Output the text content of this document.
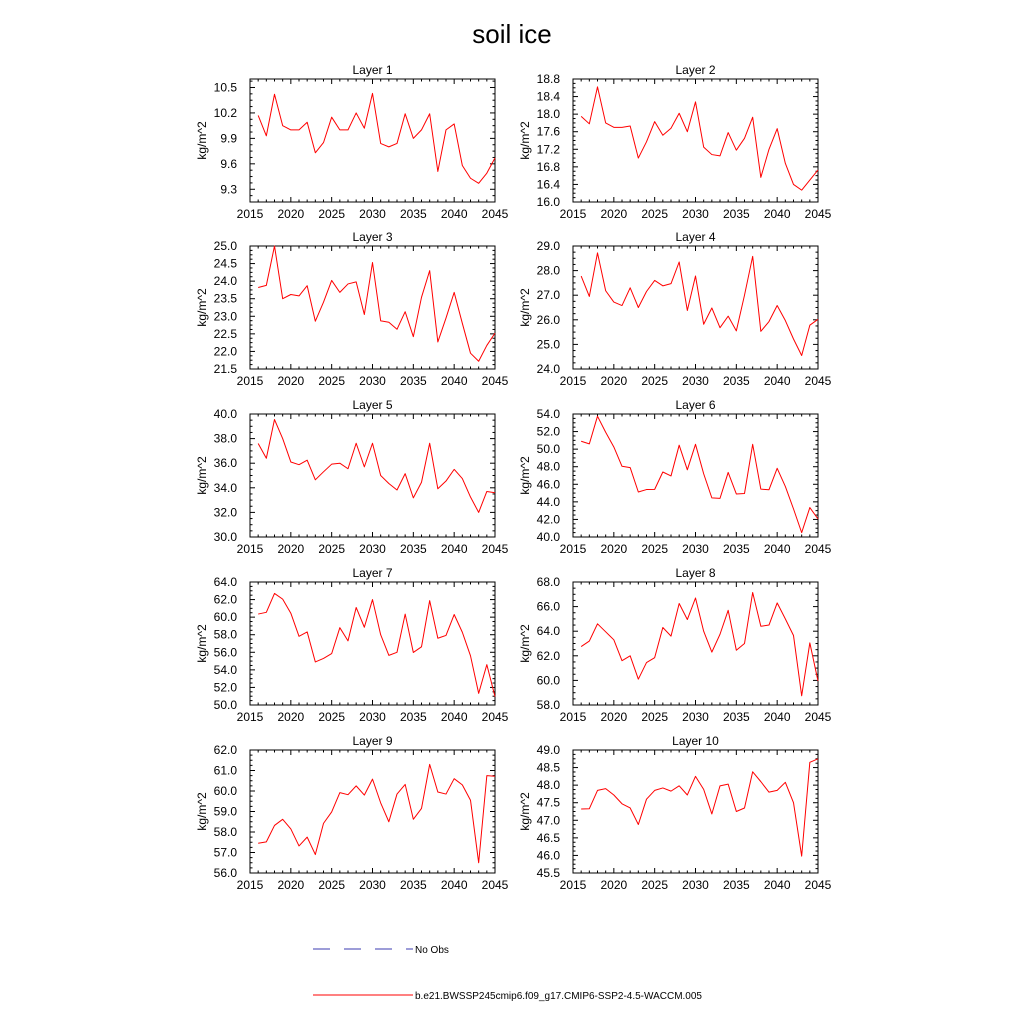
soil ice
Layer 1
kg/m^2
2015 2020 2025 2030 2035 2040 2045
9.3
9.6
9.9
10.2
10.5
Layer 2
kg/m^2
2015 2020 2025 2030 2035 2040 2045
16.0
16.4
16.8
17.2
17.6
18.0
18.4
18.8
Layer 3
kg/m^2
2015 2020 2025 2030 2035 2040 2045
21.5
22.0
22.5
23.0
23.5
24.0
24.5
25.0
Layer 4
kg/m^2
2015 2020 2025 2030 2035 2040 2045
24.0
25.0
26.0
27.0
28.0
29.0
Layer 5
kg/m^2
2015 2020 2025 2030 2035 2040 2045
30.0
32.0
34.0
36.0
38.0
40.0
Layer 6
kg/m^2
2015 2020 2025 2030 2035 2040 2045
40.0
42.0
44.0
46.0
48.0
50.0
52.0
54.0
Layer 7
kg/m^2
2015 2020 2025 2030 2035 2040 2045
50.0
52.0
54.0
56.0
58.0
60.0
62.0
64.0
Layer 8
kg/m^2
2015 2020 2025 2030 2035 2040 2045
58.0
60.0
62.0
64.0
66.0
68.0
Layer 9
kg/m^2
2015 2020 2025 2030 2035 2040 2045
56.0
57.0
58.0
59.0
60.0
61.0
62.0
Layer 10
kg/m^2
2015 2020 2025 2030 2035 2040 2045
45.5
46.0
46.5
47.0
47.5
48.0
48.5
49.0
No Obs
b.e21.BWSSP245cmip6.f09_g17.CMIP6-SSP2-4.5-WACCM.005
